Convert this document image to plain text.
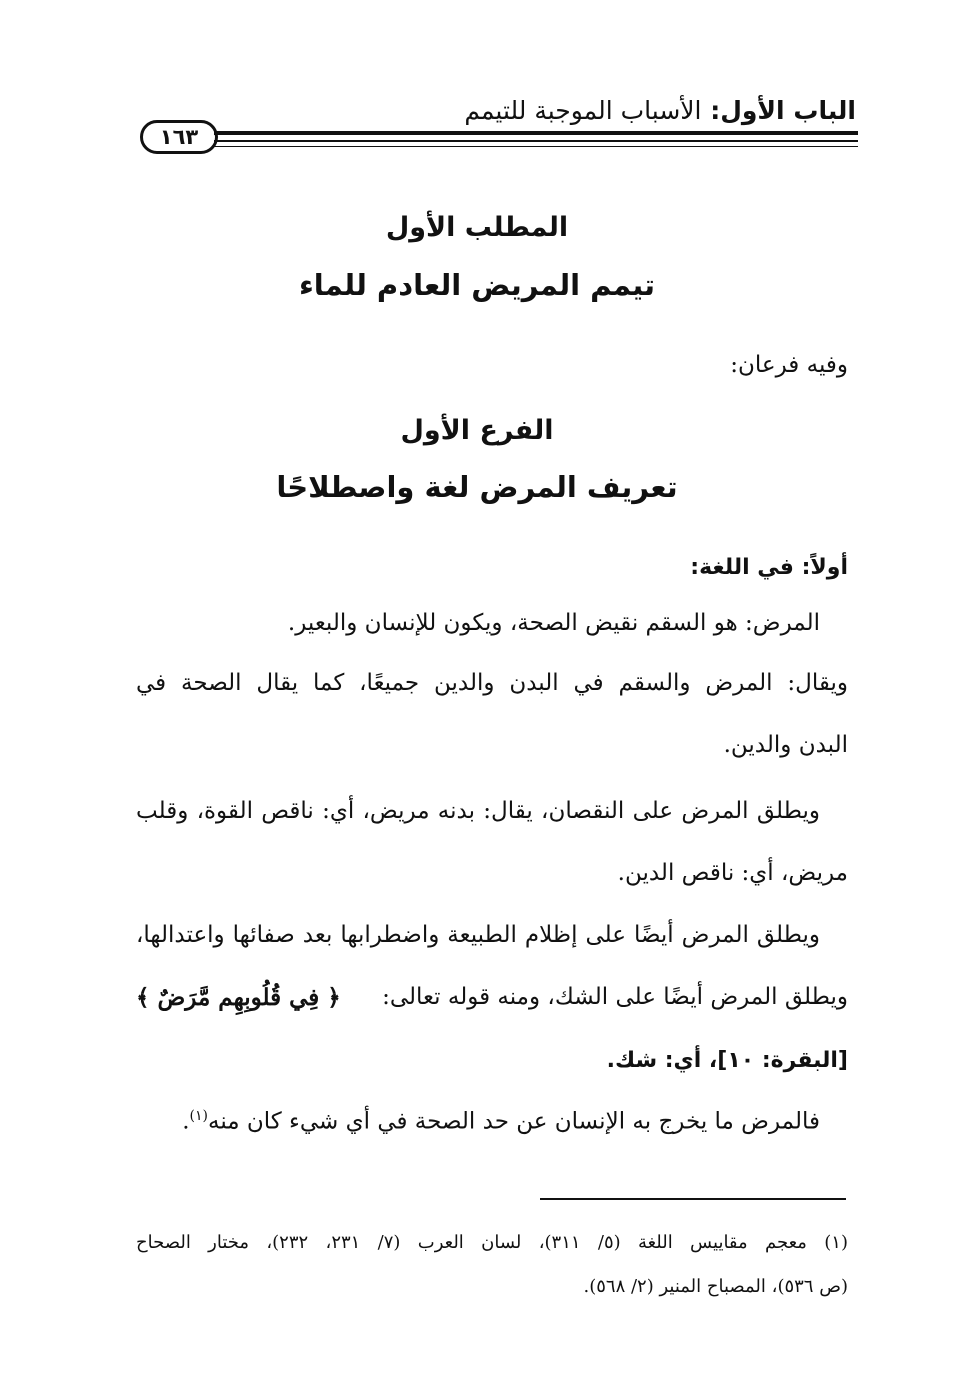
الباب الأول: الأسباب الموجبة للتيمم
١٦٣
المطلب الأول
تيمم المريض العادم للماء
وفيه فرعان:
الفرع الأول
تعريف المرض لغة واصطلاحًا
أولاً: في اللغة:
المرض: هو السقم نقيض الصحة، ويكون للإنسان والبعير.
ويقال: المرض والسقم في البدن والدين جميعًا، كما يقال الصحة في
البدن والدين.
ويطلق المرض على النقصان، يقال: بدنه مريض، أي: ناقص القوة، وقلب
مريض، أي: ناقص الدين.
ويطلق المرض أيضًا على إظلام الطبيعة واضطرابها بعد صفائها واعتدالها،
ويطلق المرض أيضًا على الشك، ومنه قوله تعالى:
﴿ فِي قُلُوبِهِم مَّرَضٌ ﴾
[البقرة: ١٠]، أي: شك.
فالمرض ما يخرج به الإنسان عن حد الصحة في أي شيء كان منه$^{(١)}$.
(١) معجم مقاييس اللغة (٥/ ٣١١)، لسان العرب (٧/ ٢٣١، ٢٣٢)، مختار الصحاح
(ص ٥٣٦)، المصباح المنير (٢/ ٥٦٨).
